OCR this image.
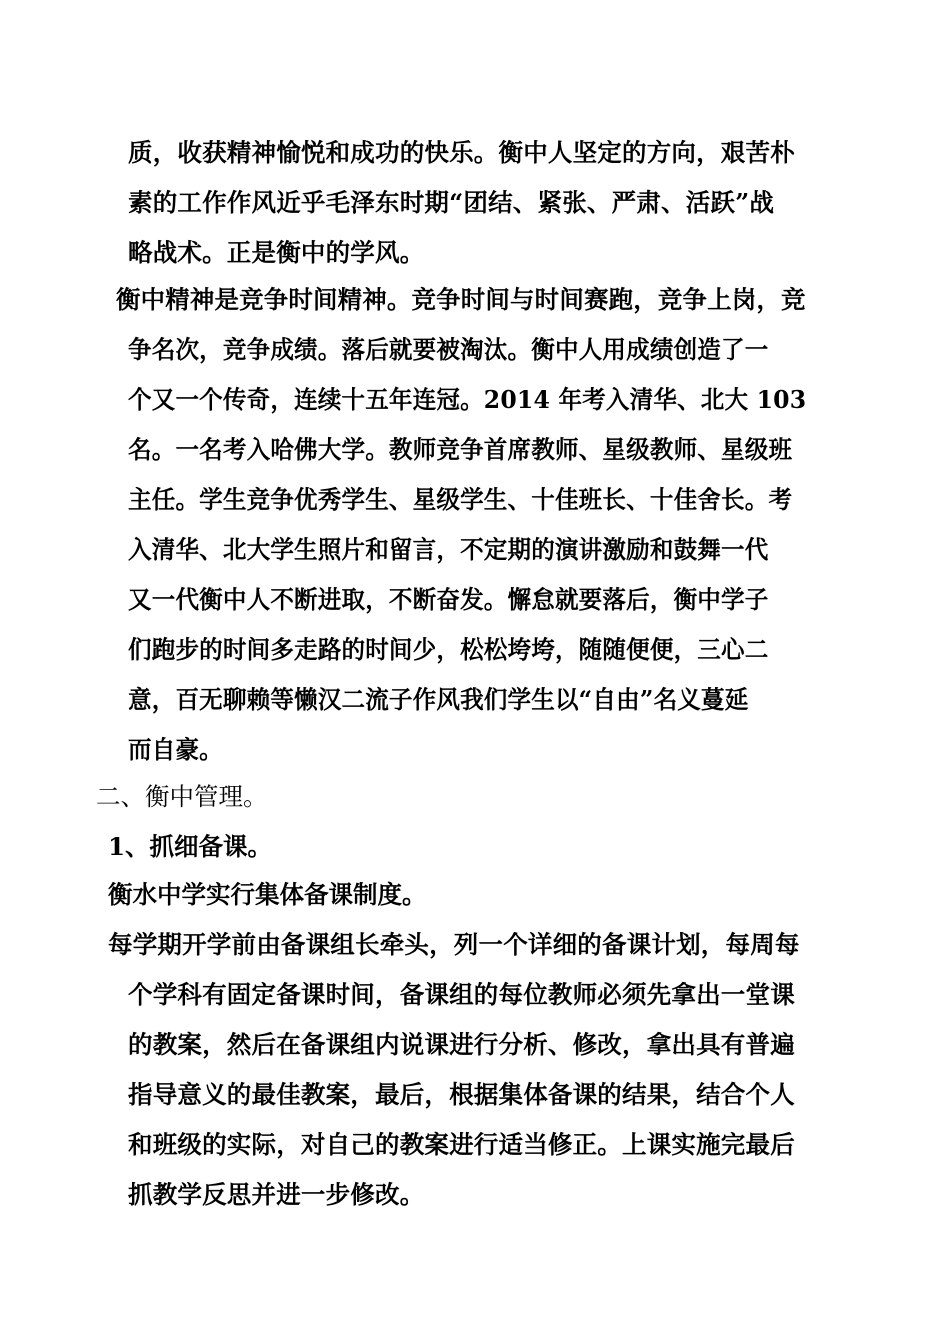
质，收获精神愉悦和成功的快乐。衡中人坚定的方向，艰苦朴
素的工作作风近乎毛泽东时期“团结、紧张、严肃、活跃”战
略战术。正是衡中的学风。
衡中精神是竞争时间精神。竞争时间与时间赛跑，竞争上岗，竞
争名次，竞争成绩。落后就要被淘汰。衡中人用成绩创造了一
个又一个传奇，连续十五年连冠。2014 年考入清华、北大 103
名。一名考入哈佛大学。教师竞争首席教师、星级教师、星级班
主任。学生竞争优秀学生、星级学生、十佳班长、十佳舍长。考
入清华、北大学生照片和留言，不定期的演讲激励和鼓舞一代
又一代衡中人不断进取，不断奋发。懈怠就要落后，衡中学子
们跑步的时间多走路的时间少，松松垮垮，随随便便，三心二
意，百无聊赖等懒汉二流子作风我们学生以“自由”名义蔓延
而自豪。
二、衡中管理。
1、抓细备课。
衡水中学实行集体备课制度。
每学期开学前由备课组长牵头，列一个详细的备课计划，每周每
个学科有固定备课时间，备课组的每位教师必须先拿出一堂课
的教案，然后在备课组内说课进行分析、修改，拿出具有普遍
指导意义的最佳教案，最后，根据集体备课的结果，结合个人
和班级的实际，对自己的教案进行适当修正。上课实施完最后
抓教学反思并进一步修改。
